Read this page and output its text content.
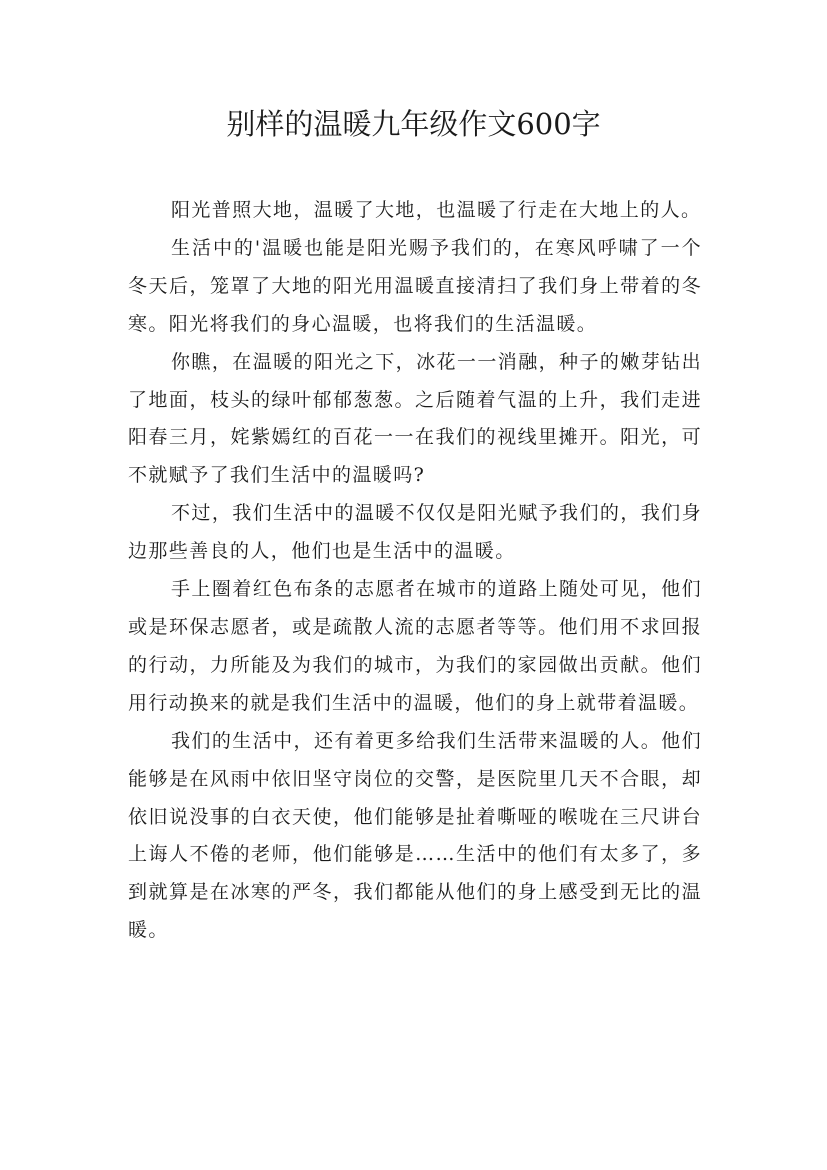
别样的温暖九年级作文600字

阳光普照大地，温暖了大地，也温暖了行走在大地上的人。

生活中的'温暖也能是阳光赐予我们的，在寒风呼啸了一个冬天后，笼罩了大地的阳光用温暖直接清扫了我们身上带着的冬寒。阳光将我们的身心温暖，也将我们的生活温暖。

你瞧，在温暖的阳光之下，冰花一一消融，种子的嫩芽钻出了地面，枝头的绿叶郁郁葱葱。之后随着气温的上升，我们走进阳春三月，姹紫嫣红的百花一一在我们的视线里摊开。阳光，可不就赋予了我们生活中的温暖吗?

不过，我们生活中的温暖不仅仅是阳光赋予我们的，我们身边那些善良的人，他们也是生活中的温暖。

手上圈着红色布条的志愿者在城市的道路上随处可见，他们或是环保志愿者，或是疏散人流的志愿者等等。他们用不求回报的行动，力所能及为我们的城市，为我们的家园做出贡献。他们用行动换来的就是我们生活中的温暖，他们的身上就带着温暖。

我们的生活中，还有着更多给我们生活带来温暖的人。他们能够是在风雨中依旧坚守岗位的交警，是医院里几天不合眼，却依旧说没事的白衣天使，他们能够是扯着嘶哑的喉咙在三尺讲台上诲人不倦的老师，他们能够是……生活中的他们有太多了，多到就算是在冰寒的严冬，我们都能从他们的身上感受到无比的温暖。
